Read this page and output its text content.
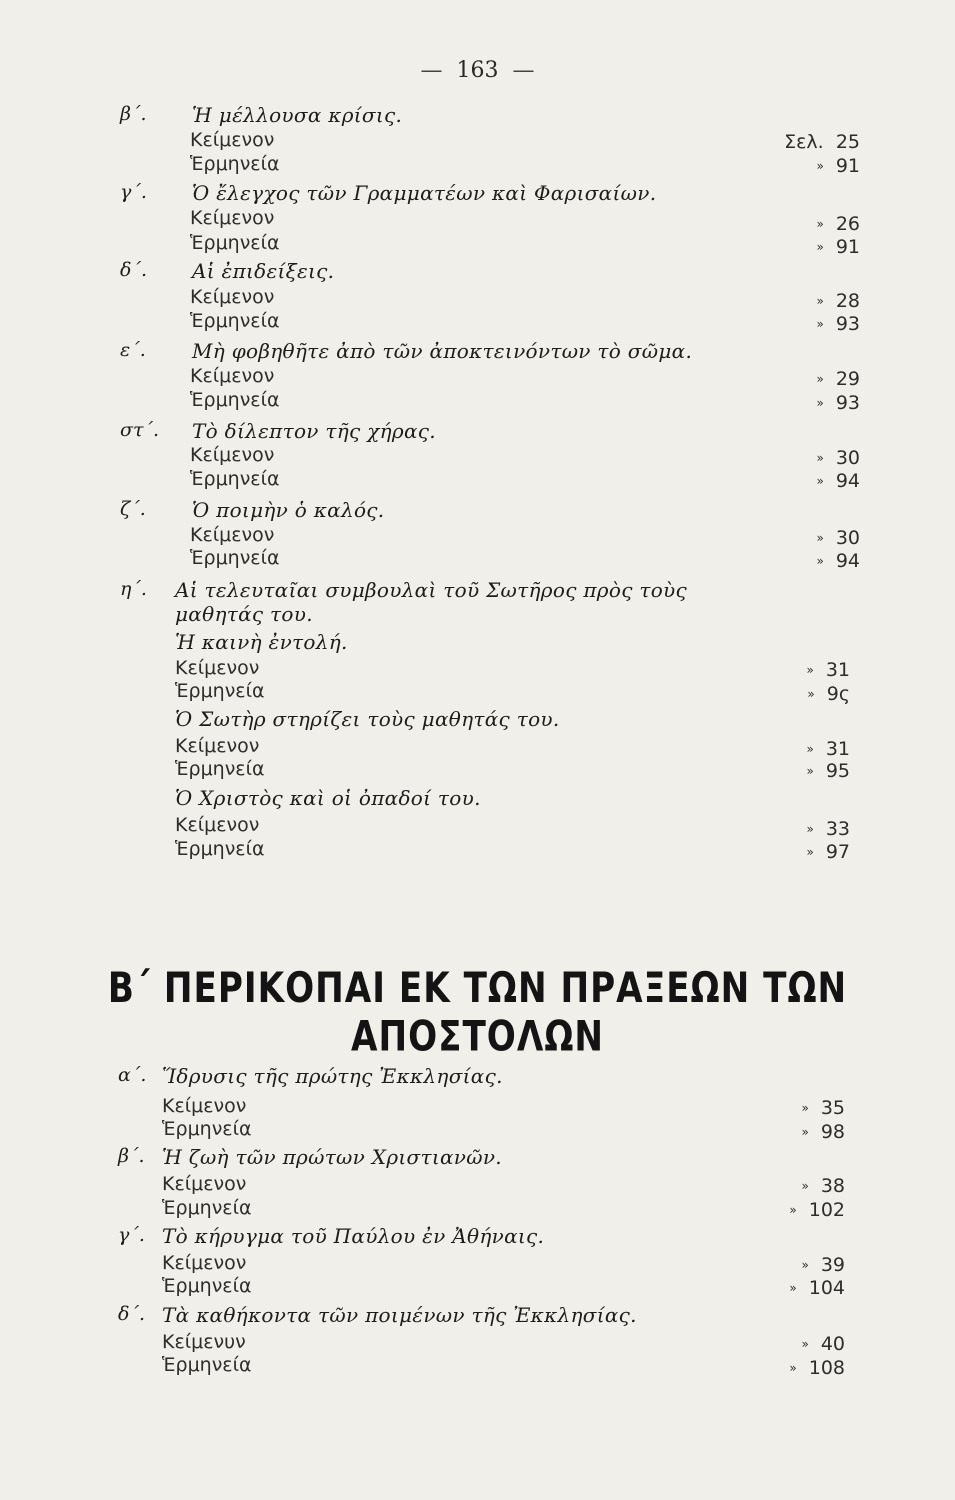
— 163 —
β΄. Ἡ μέλλουσα κρίσις.
Κείμενον	Σελ. 25
Ἑρμηνεία	» 91
γ΄. Ὁ ἔλεγχος τῶν Γραμματέων καὶ Φαρισαίων.
Κείμενον	» 26
Ἑρμηνεία	» 91
δ΄. Αἱ ἐπιδείξεις.
Κείμενον	» 28
Ἑρμηνεία	» 93
ε΄. Μὴ φοβηθῆτε ἀπὸ τῶν ἀποκτεινόντων τὸ σῶμα.
Κείμενον	» 29
Ἑρμηνεία	» 93
στ΄. Τὸ δίλεπτον τῆς χήρας.
Κείμενον	» 30
Ἑρμηνεία	» 94
ζ΄. Ὁ ποιμὴν ὁ καλός.
Κείμενον	» 30
Ἑρμηνεία	» 94
η΄. Αἱ τελευταῖαι συμβουλαὶ τοῦ Σωτῆρος πρὸς τοὺς
μαθητάς του.
Ἡ καινὴ ἐντολή.
Κείμενον	» 31
Ἑρμηνεία	» 9ς
Ὁ Σωτὴρ στηρίζει τοὺς μαθητάς του.
Κείμενον	» 31
Ἑρμηνεία	» 95
Ὁ Χριστὸς καὶ οἱ ὀπαδοί του.
Κείμενον	» 33
Ἑρμηνεία	» 97
Β΄ ΠΕΡΙΚΟΠΑΙ ΕΚ ΤΩΝ ΠΡΑΞΕΩΝ ΤΩΝ ΑΠΟΣΤΟΛΩΝ
α΄. Ἵδρυσις τῆς πρώτης Ἐκκλησίας.
Κείμενον	» 35
Ἑρμηνεία	» 98
β΄. Ἡ ζωὴ τῶν πρώτων Χριστιανῶν.
Κείμενον	» 38
Ἑρμηνεία	» 102
γ΄. Τὸ κήρυγμα τοῦ Παύλου ἐν Ἀθήναις.
Κείμενον	» 39
Ἑρμηνεία	» 104
δ΄. Τὰ καθήκοντα τῶν ποιμένων τῆς Ἐκκλησίας.
Κείμενυν	» 40
Ἑρμηνεία	» 108
